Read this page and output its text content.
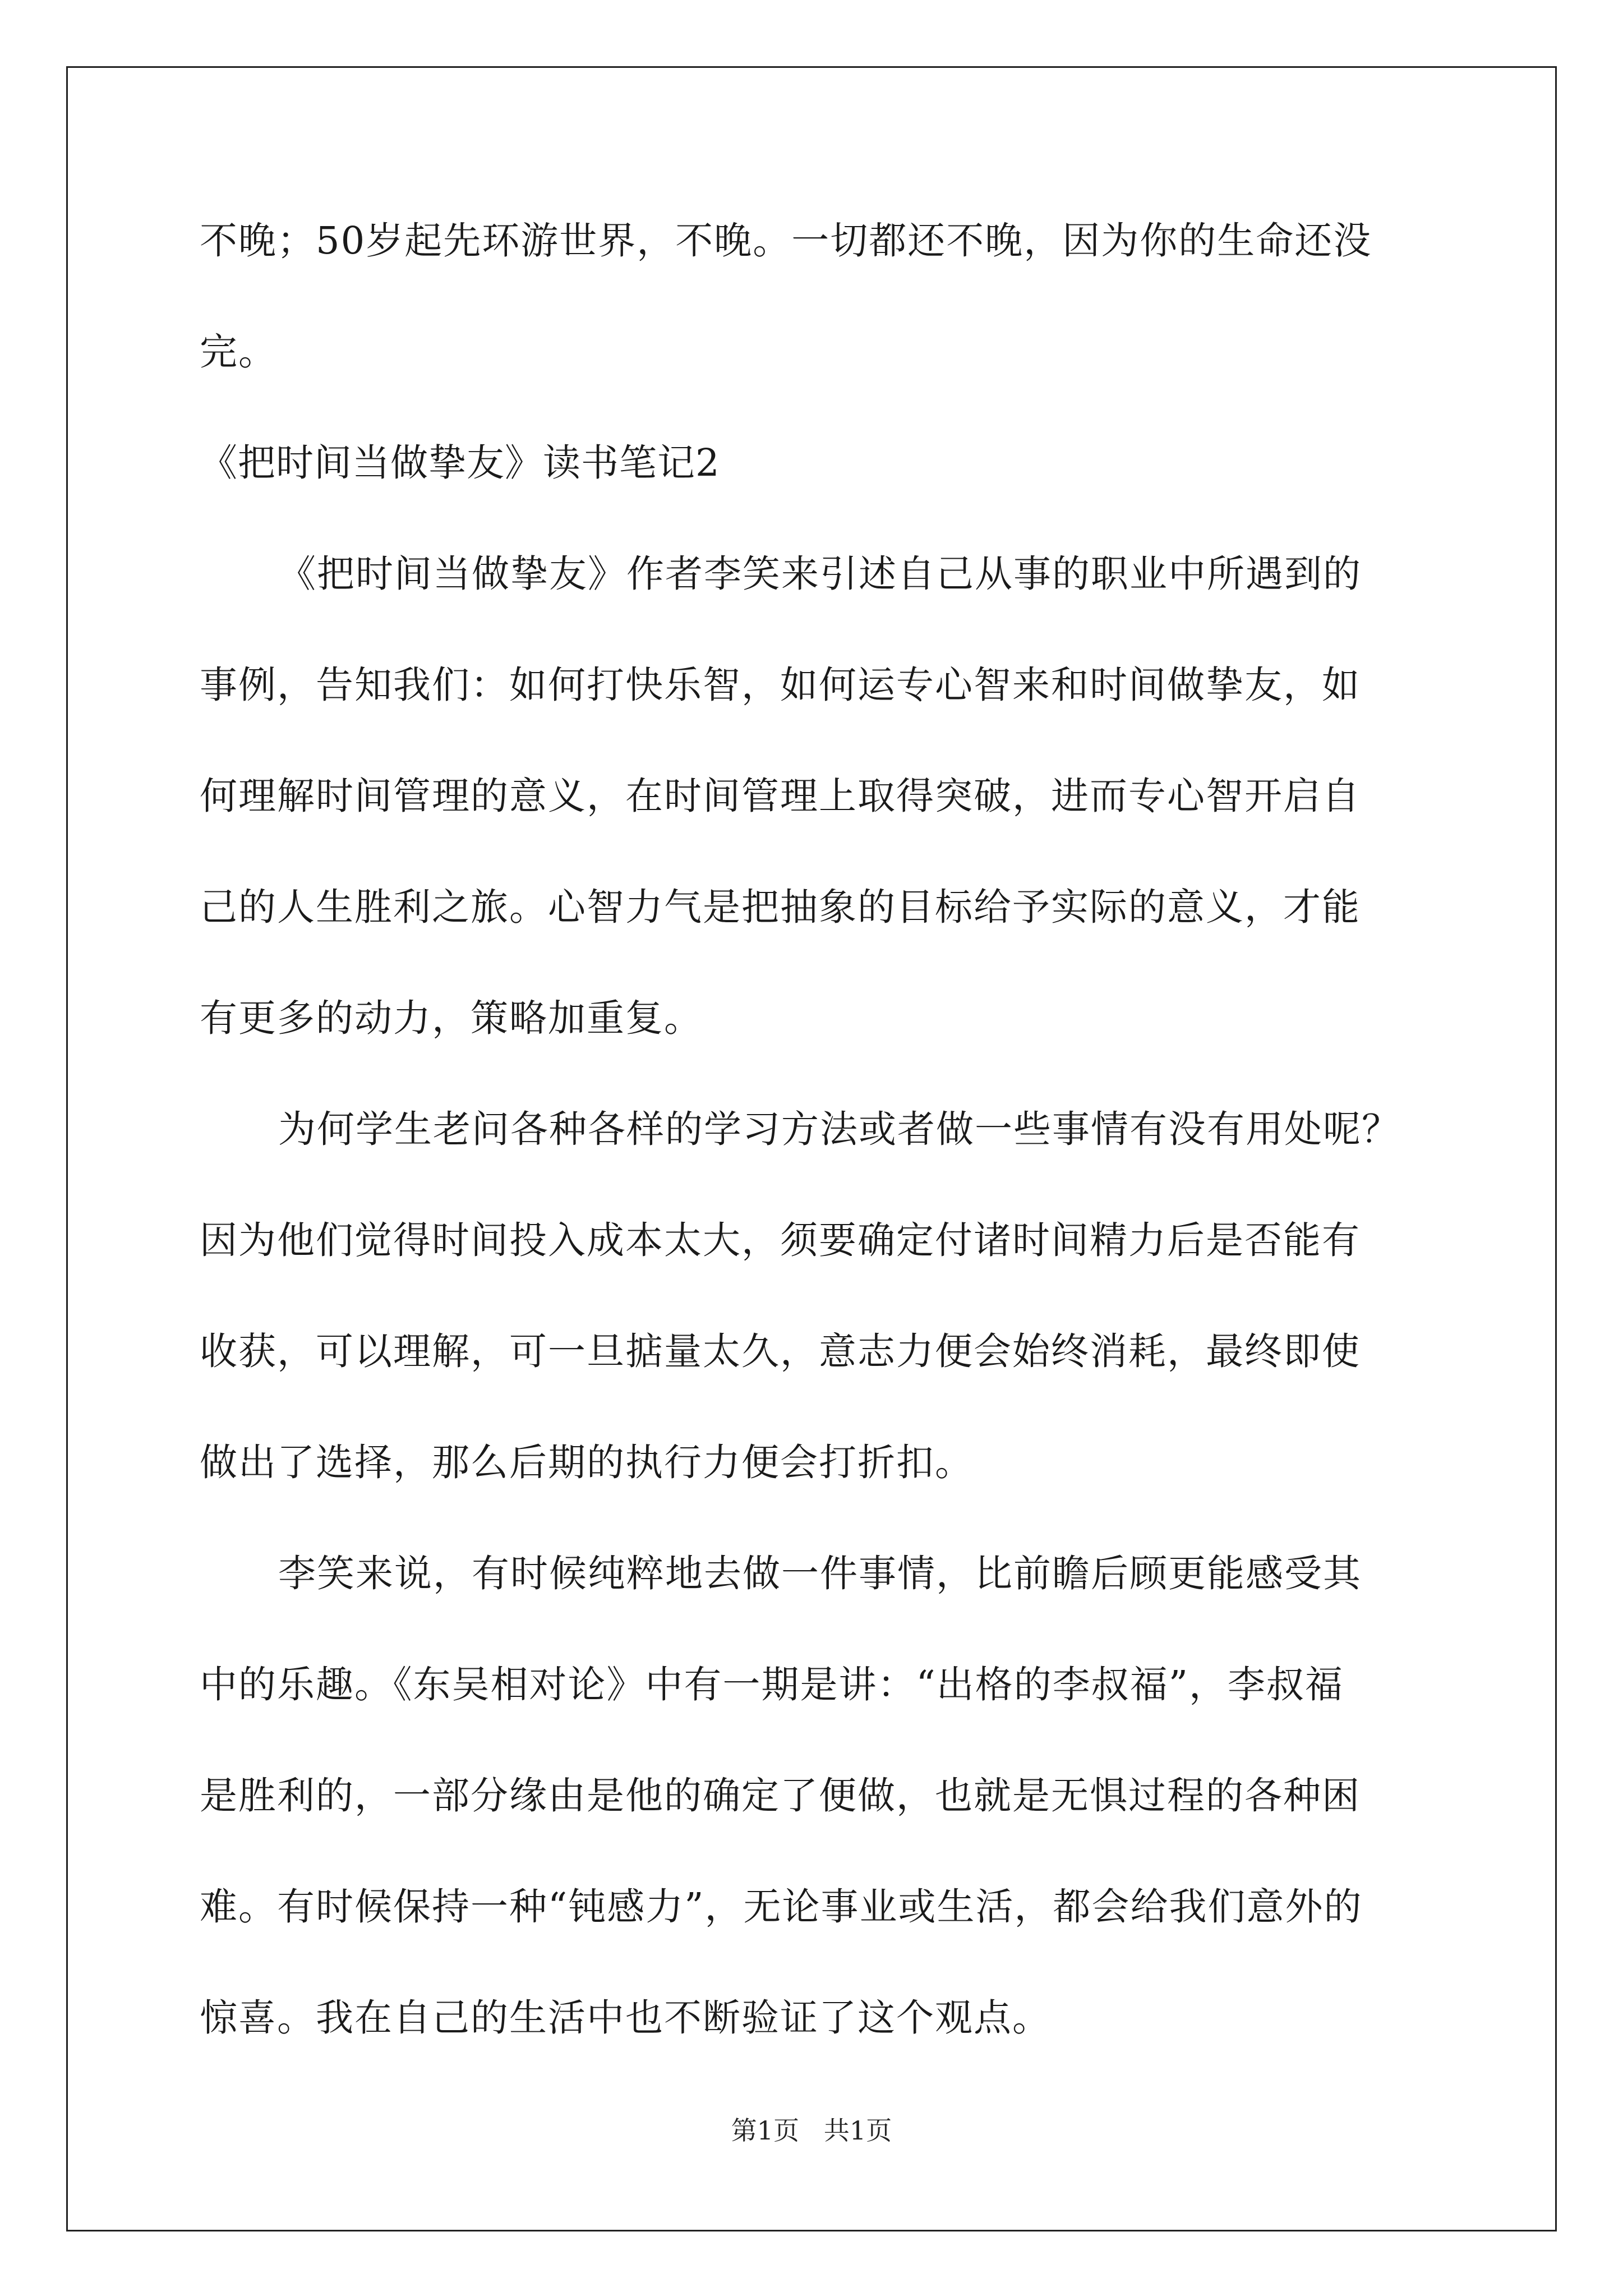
不晚；50岁起先环游世界，不晚。一切都还不晚，因为你的生命还没
完。
《把时间当做挚友》读书笔记2
《把时间当做挚友》作者李笑来引述自己从事的职业中所遇到的
事例，告知我们：如何打快乐智，如何运专心智来和时间做挚友，如
何理解时间管理的意义，在时间管理上取得突破，进而专心智开启自
己的人生胜利之旅。心智力气是把抽象的目标给予实际的意义，才能
有更多的动力，策略加重复。
为何学生老问各种各样的学习方法或者做一些事情有没有用处呢？
因为他们觉得时间投入成本太大，须要确定付诸时间精力后是否能有
收获，可以理解，可一旦掂量太久，意志力便会始终消耗，最终即使
做出了选择，那么后期的执行力便会打折扣。
李笑来说，有时候纯粹地去做一件事情，比前瞻后顾更能感受其
中的乐趣。《东吴相对论》中有一期是讲：“出格的李叔福”，李叔福
是胜利的，一部分缘由是他的确定了便做，也就是无惧过程的各种困
难。有时候保持一种“钝感力”，无论事业或生活，都会给我们意外的
惊喜。我在自己的生活中也不断验证了这个观点。
第1页   共1页
